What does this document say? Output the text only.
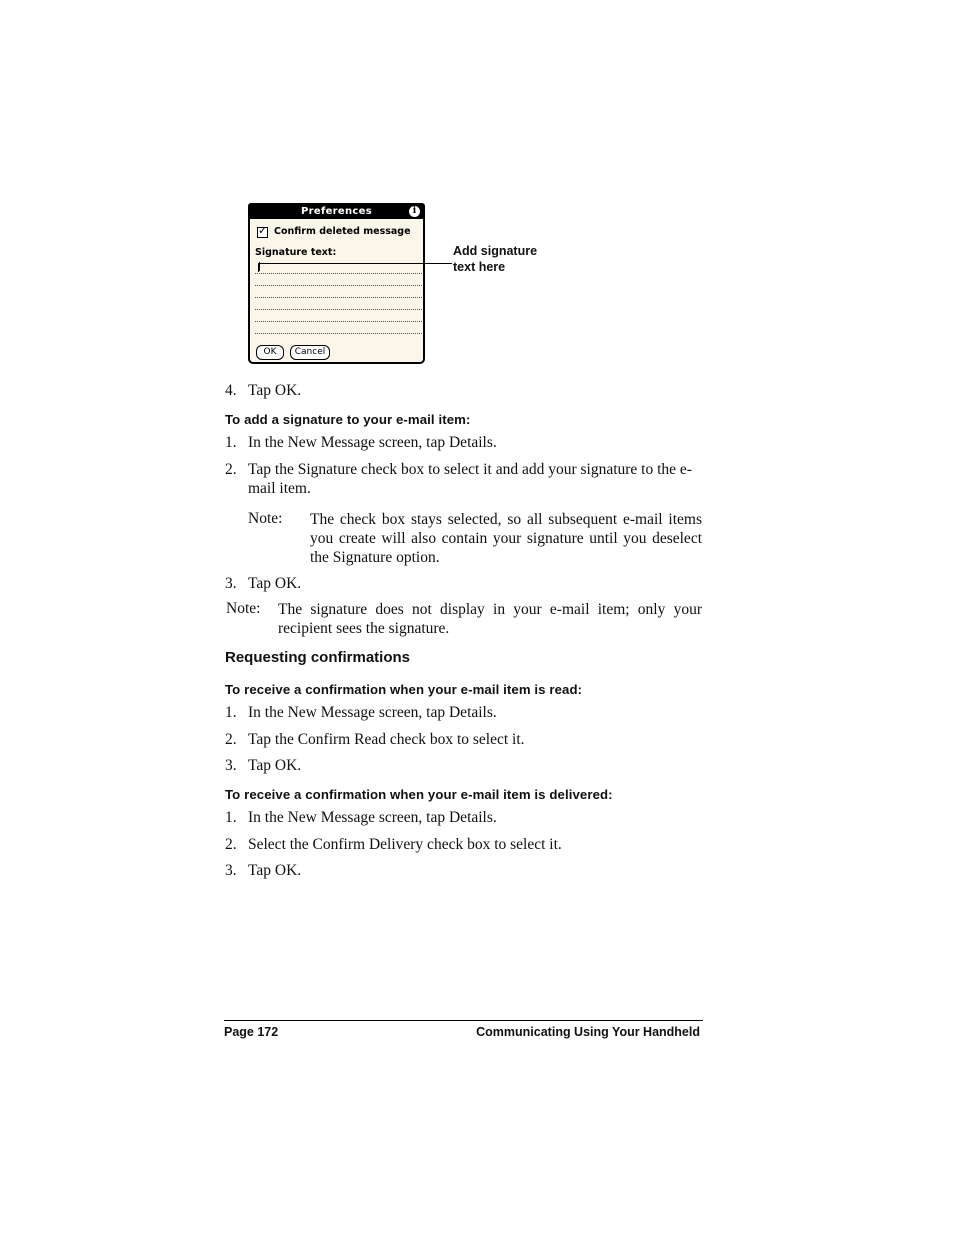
Preferences	i
✓ Confirm deleted message
Signature text:
OK	Cancel
Add signature
text here
4. Tap OK.
To add a signature to your e-mail item:
1. In the New Message screen, tap Details.
2. Tap the Signature check box to select it and add your signature to the e-mail item.
Note: The check box stays selected, so all subsequent e-mail items you create will also contain your signature until you deselect the Signature option.
3. Tap OK.
Note: The signature does not display in your e-mail item; only your recipient sees the signature.
Requesting confirmations
To receive a confirmation when your e-mail item is read:
1. In the New Message screen, tap Details.
2. Tap the Confirm Read check box to select it.
3. Tap OK.
To receive a confirmation when your e-mail item is delivered:
1. In the New Message screen, tap Details.
2. Select the Confirm Delivery check box to select it.
3. Tap OK.
Page 172	Communicating Using Your Handheld
